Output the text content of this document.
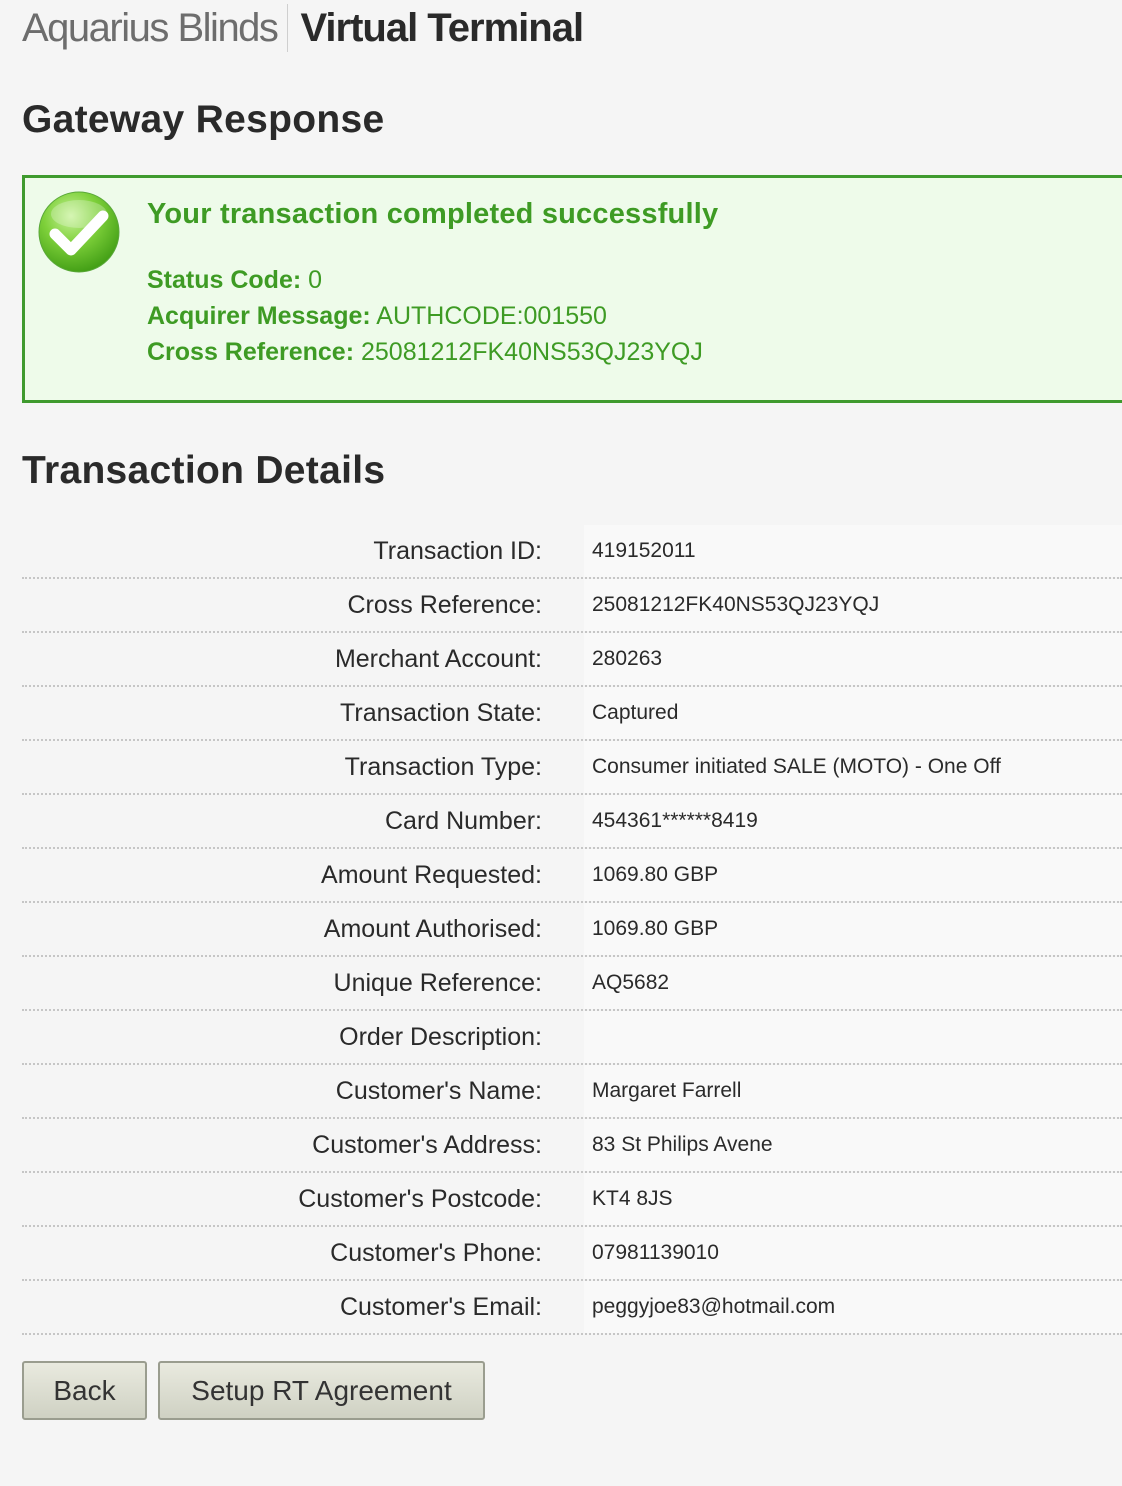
Aquarius Blinds Virtual Terminal
Gateway Response
Your transaction completed successfully
Status Code: 0
Acquirer Message: AUTHCODE:001550
Cross Reference: 25081212FK40NS53QJ23YQJ
Transaction Details
Transaction ID:	419152011
Cross Reference:	25081212FK40NS53QJ23YQJ
Merchant Account:	280263
Transaction State:	Captured
Transaction Type:	Consumer initiated SALE (MOTO) - One Off
Card Number:	454361******8419
Amount Requested:	1069.80 GBP
Amount Authorised:	1069.80 GBP
Unique Reference:	AQ5682
Order Description:
Customer's Name:	Margaret Farrell
Customer's Address:	83 St Philips Avene
Customer's Postcode:	KT4 8JS
Customer's Phone:	07981139010
Customer's Email:	peggyjoe83@hotmail.com
Back	Setup RT Agreement
